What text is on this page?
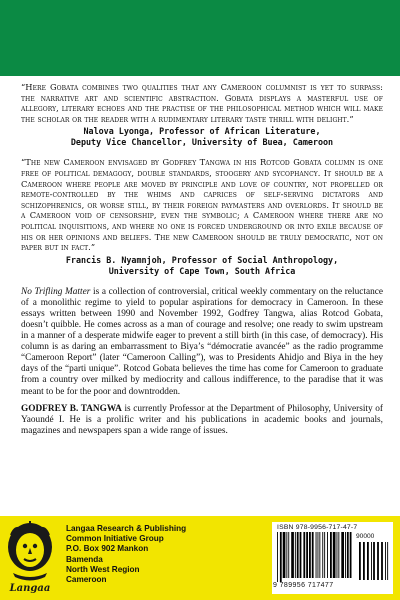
“Here Gobata combines two qualities that any Cameroon columnist is yet to surpass: the narrative art and scientific abstraction. Gobata displays a masterful use of allegory, literary echoes and the practise of the philosophical method which will make the scholar or the reader with a rudimentary literary taste thrill with delight.”

Nalova Lyonga, Professor of African Literature,
Deputy Vice Chancellor, University of Buea, Cameroon

“The new Cameroon envisaged by Godfrey Tangwa in his Rotcod Gobata column is one free of political demagogy, double standards, stoogery and sycophancy. It should be a Cameroon where people are moved by principle and love of country, not propelled or remote-controlled by the whims and caprices of self-serving dictators and schizophrenics, or worse still, by their foreign paymasters and overlords. It should be a Cameroon void of censorship, even the symbolic; a Cameroon where there are no political inquisitions, and where no one is forced underground or into exile because of his or her opinions and beliefs. The new Cameroon should be truly democratic, not on paper but in fact.”

Francis B. Nyamnjoh, Professor of Social Anthropology,
University of Cape Town, South Africa

No Trifling Matter is a collection of controversial, critical weekly commentary on the reluctance of a monolithic regime to yield to popular aspirations for democracy in Cameroon. In these essays written between 1990 and November 1992, Godfrey Tangwa, alias Rotcod Gobata, doesn’t quibble. He comes across as a man of courage and resolve; one ready to swim upstream in a manner of a desperate midwife eager to prevent a still birth (in this case, of democracy). His column is as daring an embarrassment to Biya’s “démocratie avancée” as the radio programme “Cameroon Report” (later “Cameroon Calling”), was to Presidents Ahidjo and Biya in the hey days of the “parti unique”. Rotcod Gobata believes the time has come for Cameroon to graduate from a country over milked by mediocrity and callous indifference, to the paradise that it was meant to be for the poor and downtrodden.

GODFREY B. TANGWA is currently Professor at the Department of Philosophy, University of Yaoundé I. He is a prolific writer and his publications in academic books and journals, magazines and newspapers span a wide range of issues.

Langaa
Langaa Research & Publishing
Common Initiative Group
P.O. Box 902 Mankon
Bamenda
North West Region
Cameroon
ISBN 978-9956-717-47-7
90000
9 789956 717477
